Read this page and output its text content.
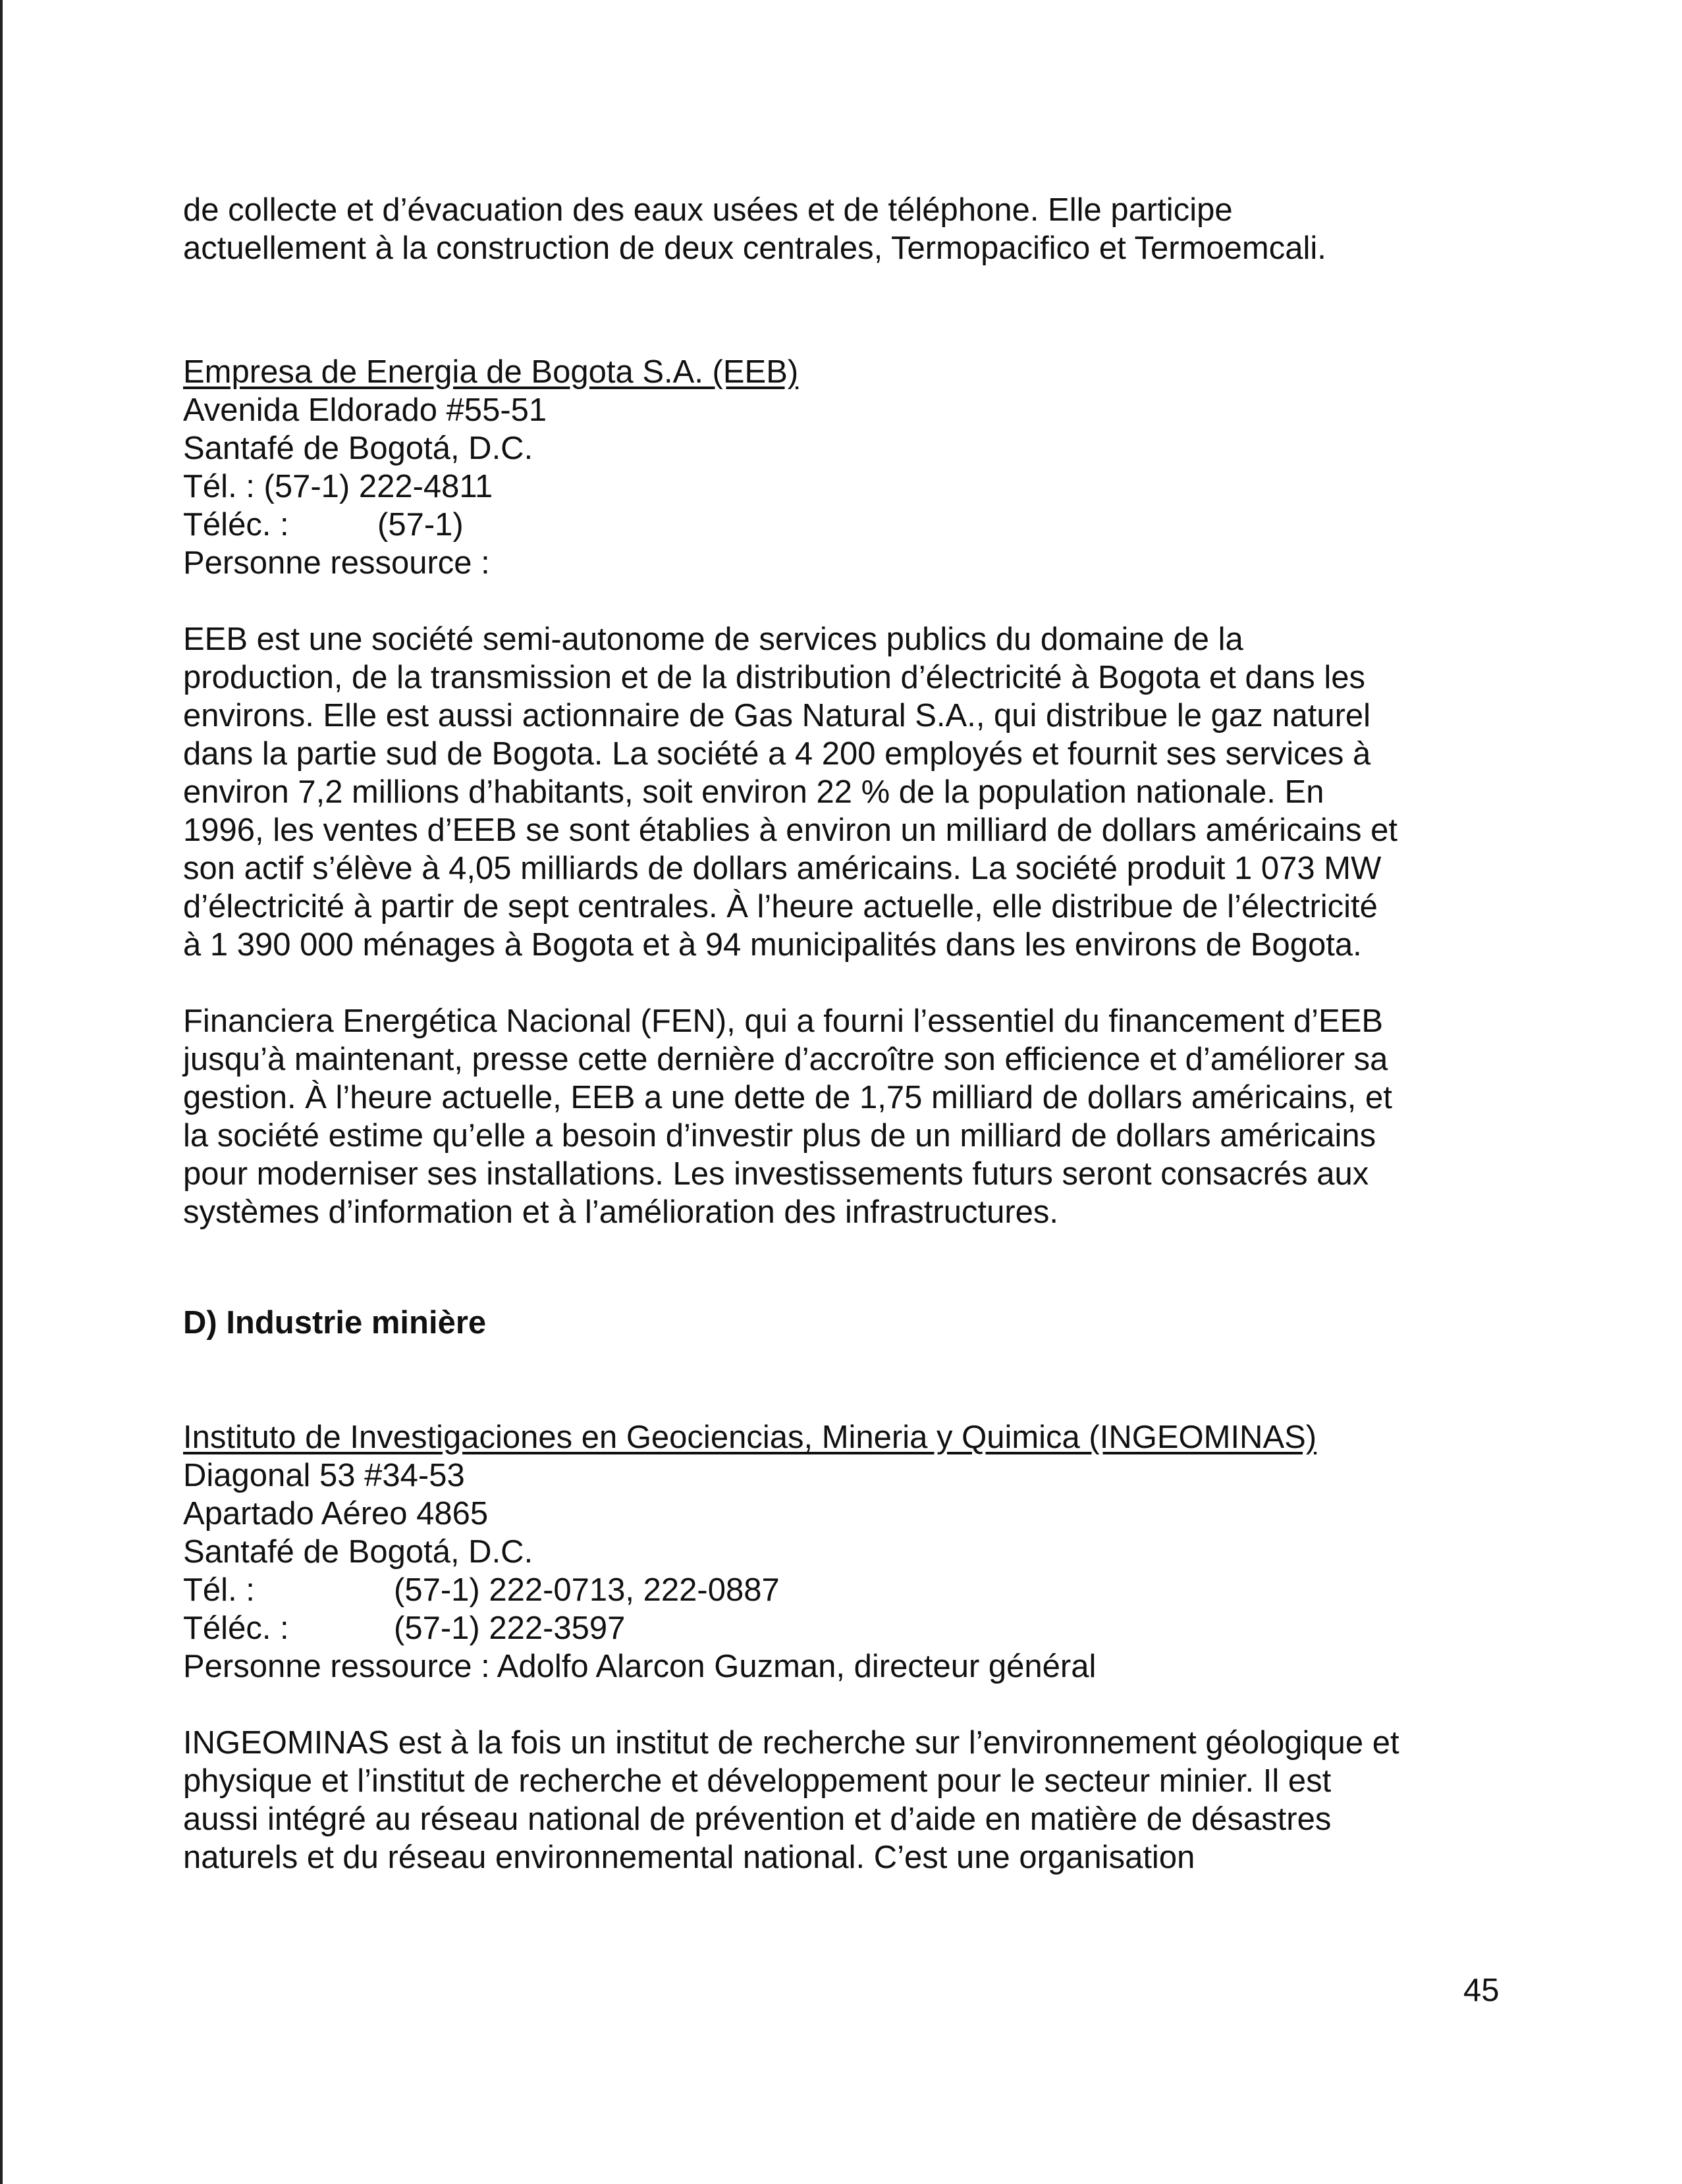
de collecte et d’évacuation des eaux usées et de téléphone. Elle participe

actuellement à la construction de deux centrales, Termopacifico et Termoemcali.

Empresa de Energia de Bogota S.A. (EEB)

Avenida Eldorado #55-51

Santafé de Bogotá, D.C.

Tél. : (57-1) 222-4811

Téléc. :	(57-1)

Personne ressource :

EEB est une société semi-autonome de services publics du domaine de la

production, de la transmission et de la distribution d’électricité à Bogota et dans les

environs. Elle est aussi actionnaire de Gas Natural S.A., qui distribue le gaz naturel

dans la partie sud de Bogota. La société a 4 200 employés et fournit ses services à

environ 7,2 millions d’habitants, soit environ 22 % de la population nationale. En

1996, les ventes d’EEB se sont établies à environ un milliard de dollars américains et

son actif s’élève à 4,05 milliards de dollars américains. La société produit 1 073 MW

d’électricité à partir de sept centrales. À l’heure actuelle, elle distribue de l’électricité

à 1 390 000 ménages à Bogota et à 94 municipalités dans les environs de Bogota.

Financiera Energética Nacional (FEN), qui a fourni l’essentiel du financement d’EEB

jusqu’à maintenant, presse cette dernière d’accroître son efficience et d’améliorer sa

gestion. À l’heure actuelle, EEB a une dette de 1,75 milliard de dollars américains, et

la société estime qu’elle a besoin d’investir plus de un milliard de dollars américains

pour moderniser ses installations. Les investissements futurs seront consacrés aux

systèmes d’information et à l’amélioration des infrastructures.

D) Industrie minière

Instituto de Investigaciones en Geociencias, Mineria y Quimica (INGEOMINAS)

Diagonal 53 #34-53

Apartado Aéreo 4865

Santafé de Bogotá, D.C.

Tél. :	(57-1) 222-0713, 222-0887
Téléc. :	(57-1) 222-3597

Personne ressource : Adolfo Alarcon Guzman, directeur général

INGEOMINAS est à la fois un institut de recherche sur l’environnement géologique et

physique et l’institut de recherche et développement pour le secteur minier. Il est

aussi intégré au réseau national de prévention et d’aide en matière de désastres

naturels et du réseau environnemental national. C’est une organisation

45
